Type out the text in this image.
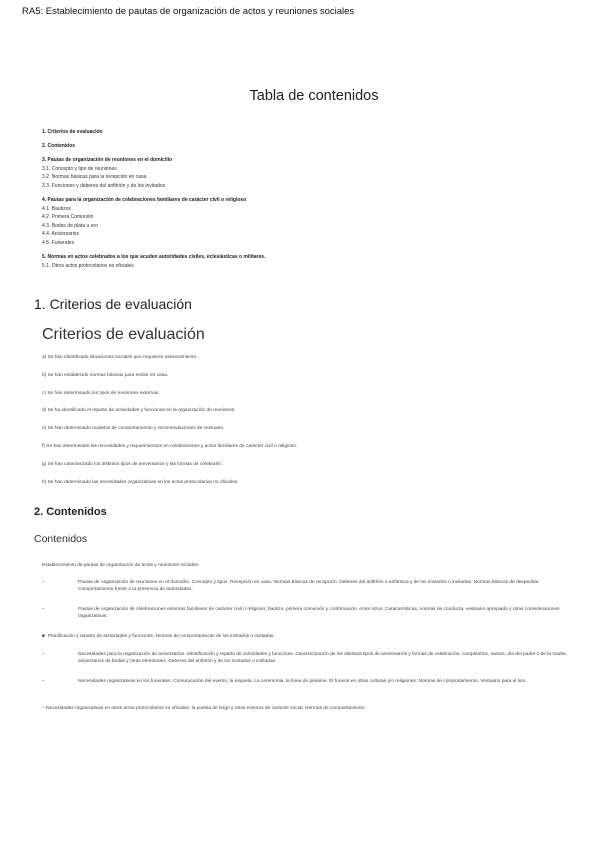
RA5: Establecimiento de pautas de organización de actos y reuniones sociales
Tabla de contenidos
1. Criterios de evaluación
2. Contenidos
3. Pautas de organización de reuniones en el domicilio
3.1. Concepto y tipo de reuniones
3.2. Normas básicas para la recepción en casa
3.3. Funciones y deberes del anfitrión y de los invitados
4. Pautas para la organización de celebraciones familiares de carácter civil o religioso
4.1. Bautizos
4.2. Primera Comunión
4.3. Bodas de plata u oro
4.4. Aniversarios
4.5. Funerales
5. Normas en actos celebrados a los que acuden autoridades civiles, eclesiásticas o militares.
5.1. Otros actos protocolarios no oficiales
1. Criterios de evaluación
Criterios de evaluación
a) Se han identificado situaciones sociales que requieren asesoramiento.
b) Se han establecido normas básicas para recibir en casa.
c) Se han determinado los tipos de reuniones externas.
d) Se ha identificado el reparto de actividades y funciones en la organización de reuniones.
e) Se han determinado modelos de comportamiento y recomendaciones de vestuario.
f) Se han determinado las necesidades y requerimientos en celebraciones y actos familiares de carácter civil o religioso.
g) Se han caracterizado los distintos tipos de aniversarios y las formas de celebrarlo.
h) Se han determinado las necesidades organizativas en los actos protocolarios no oficiales.
2. Contenidos
Contenidos
Establecimiento de pautas de organización de actos y reuniones sociales:
–	Pautas de organización de reuniones en el domicilio. Concepto y tipos. Recepción en casa. Normas básicas de recepción. Deberes del anfitrión o anfitriona y de los invitados o invitadas. Normas básicas de despedida. Comportamiento frente a la presencia de autoridades.
–	Pautas de organización de celebraciones externas familiares de carácter civil o religioso; bautizo, primera comunión y confirmación, entre otros. Características, normas de conducta, vestuario apropiado y otras consideraciones organizativas.
■ Planificación y reparto de actividades y funciones. Normas de comportamiento de los invitados o invitadas.
–	Necesidades para la organización de aniversarios. Identificación y reparto de actividades y funciones. Caracterización de los distintos tipos de aniversarios y formas de celebración; cumpleaños, santos, día del padre o de la madre, aniversarios de bodas y otras efemérides. Deberes del anfitrión y de los invitados o invitadas.
–	Necesidades organizativas en los funerales. Comunicación del evento, la esquela. La ceremonia, la línea de pésame. El funeral en otras culturas y/o religiones. Normas de comportamiento. Vestuario para el luto.
– Necesidades organizativas en otros actos protocolarios no oficiales; la puesta de largo y otros eventos de carácter social. Normas de comportamiento.
